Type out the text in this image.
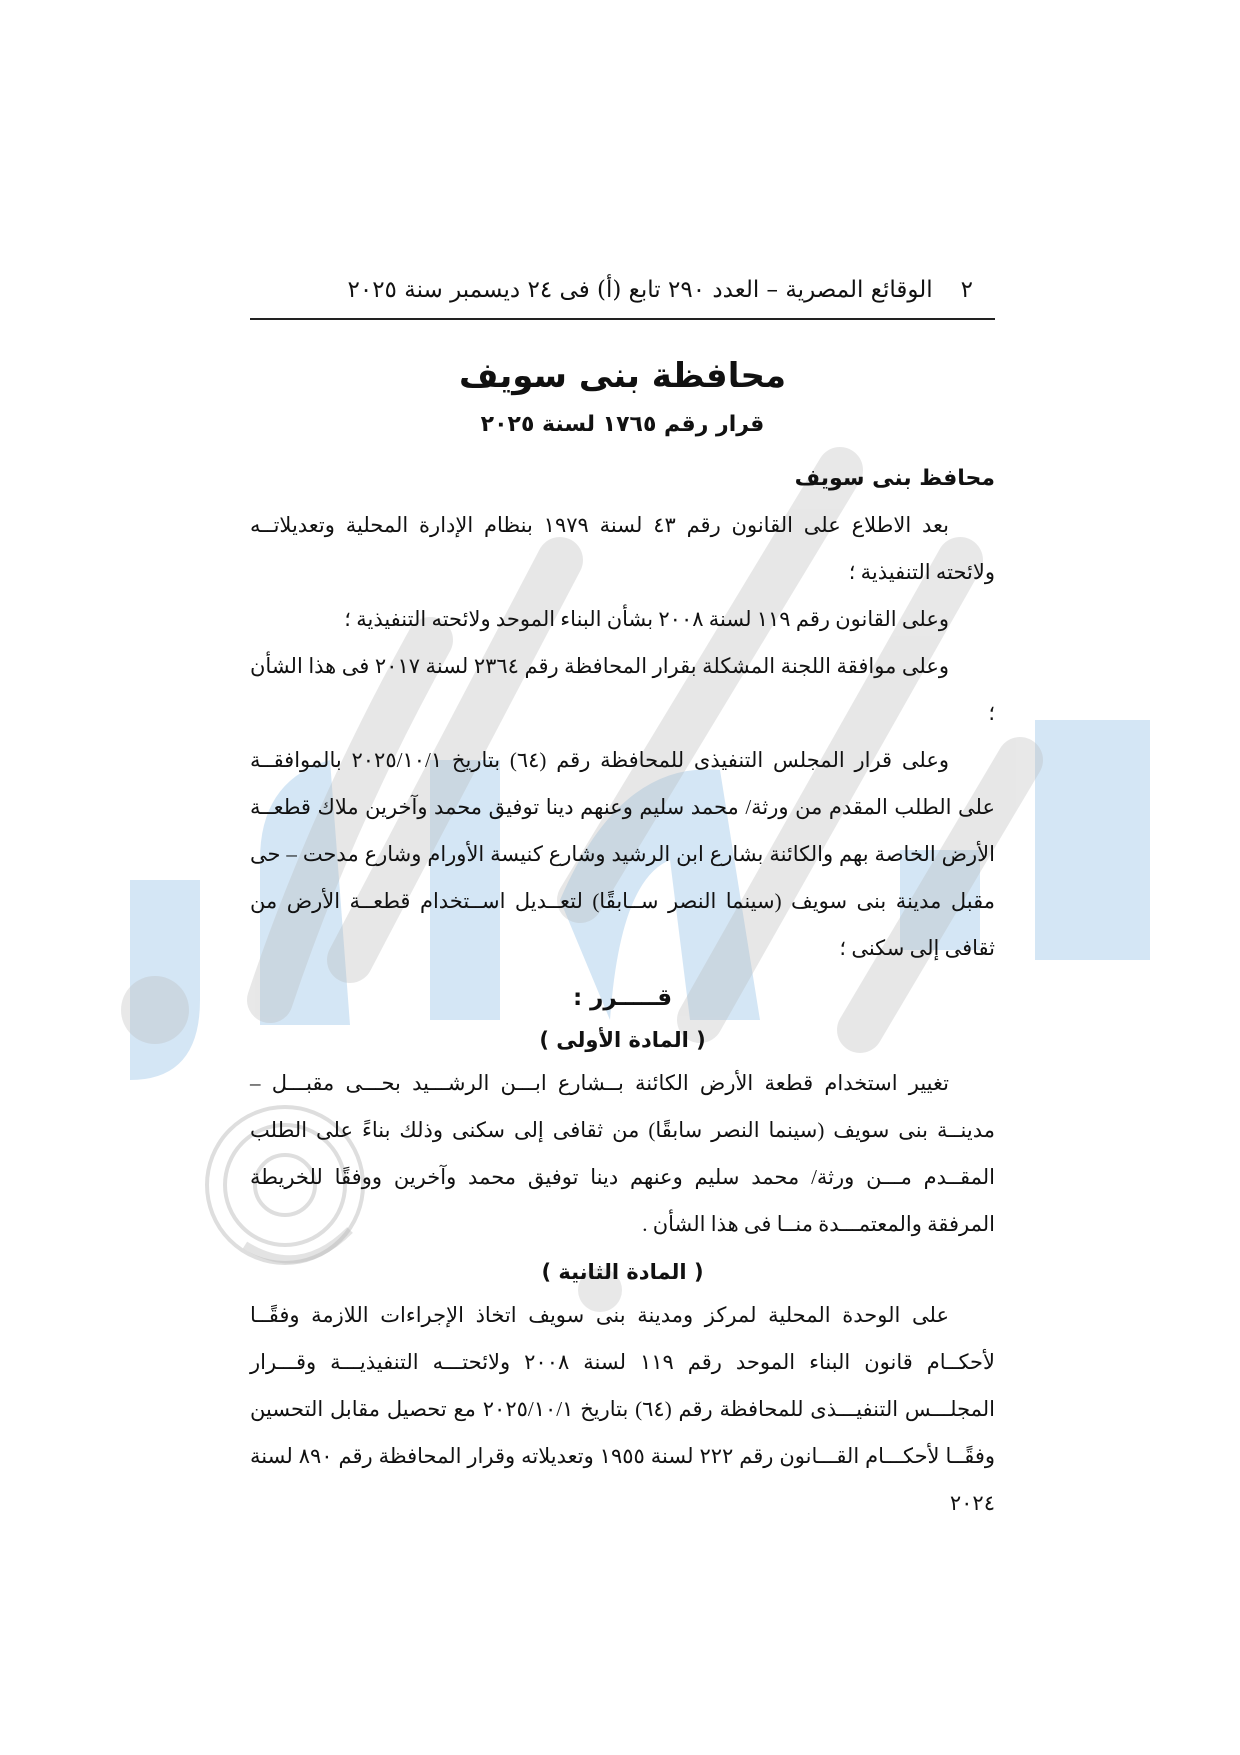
٢
الوقائع المصرية – العدد ٢٩٠ تابع (أ) فى ٢٤ ديسمبر سنة ٢٠٢٥
محافظة بنى سويف
قرار رقم ١٧٦٥ لسنة ٢٠٢٥
محافظ بنى سويف

بعد الاطلاع على القانون رقم ٤٣ لسنة ١٩٧٩ بنظام الإدارة المحلية وتعديلاتــه ولائحته التنفيذية ؛

وعلى القانون رقم ١١٩ لسنة ٢٠٠٨ بشأن البناء الموحد ولائحته التنفيذية ؛

وعلى موافقة اللجنة المشكلة بقرار المحافظة رقم ٢٣٦٤ لسنة ٢٠١٧ فى هذا الشأن ؛

وعلى قرار المجلس التنفيذى للمحافظة رقم (٦٤) بتاريخ ٢٠٢٥/١٠/١ بالموافقــة على الطلب المقدم من ورثة/ محمد سليم وعنهم دينا توفيق محمد وآخرين ملاك قطعــة الأرض الخاصة بهم والكائنة بشارع ابن الرشيد وشارع كنيسة الأورام وشارع مدحت – حى مقبل مدينة بنى سويف (سينما النصر ســابقًا) لتعــديل اســتخدام قطعــة الأرض من ثقافى إلى سكنى ؛

قـــــرر :
( المادة الأولى )

تغيير استخدام قطعة الأرض الكائنة بــشارع ابـــن الرشـــيد بحـــى مقبـــل – مدينــة بنى سويف (سينما النصر سابقًا) من ثقافى إلى سكنى وذلك بناءً على الطلب المقــدم مـــن ورثة/ محمد سليم وعنهم دينا توفيق محمد وآخرين ووفقًا للخريطة المرفقة والمعتمـــدة منــا فى هذا الشأن .

( المادة الثانية )

على الوحدة المحلية لمركز ومدينة بنى سويف اتخاذ الإجراءات اللازمة وفقًــا لأحكــام قانون البناء الموحد رقم ١١٩ لسنة ٢٠٠٨ ولائحتـــه التنفيذيـــة وقـــرار المجلـــس التنفيـــذى للمحافظة رقم (٦٤) بتاريخ ٢٠٢٥/١٠/١ مع تحصيل مقابل التحسين وفقًــا لأحكـــام القـــانون رقم ٢٢٢ لسنة ١٩٥٥ وتعديلاته وقرار المحافظة رقم ٨٩٠ لسنة ٢٠٢٤
